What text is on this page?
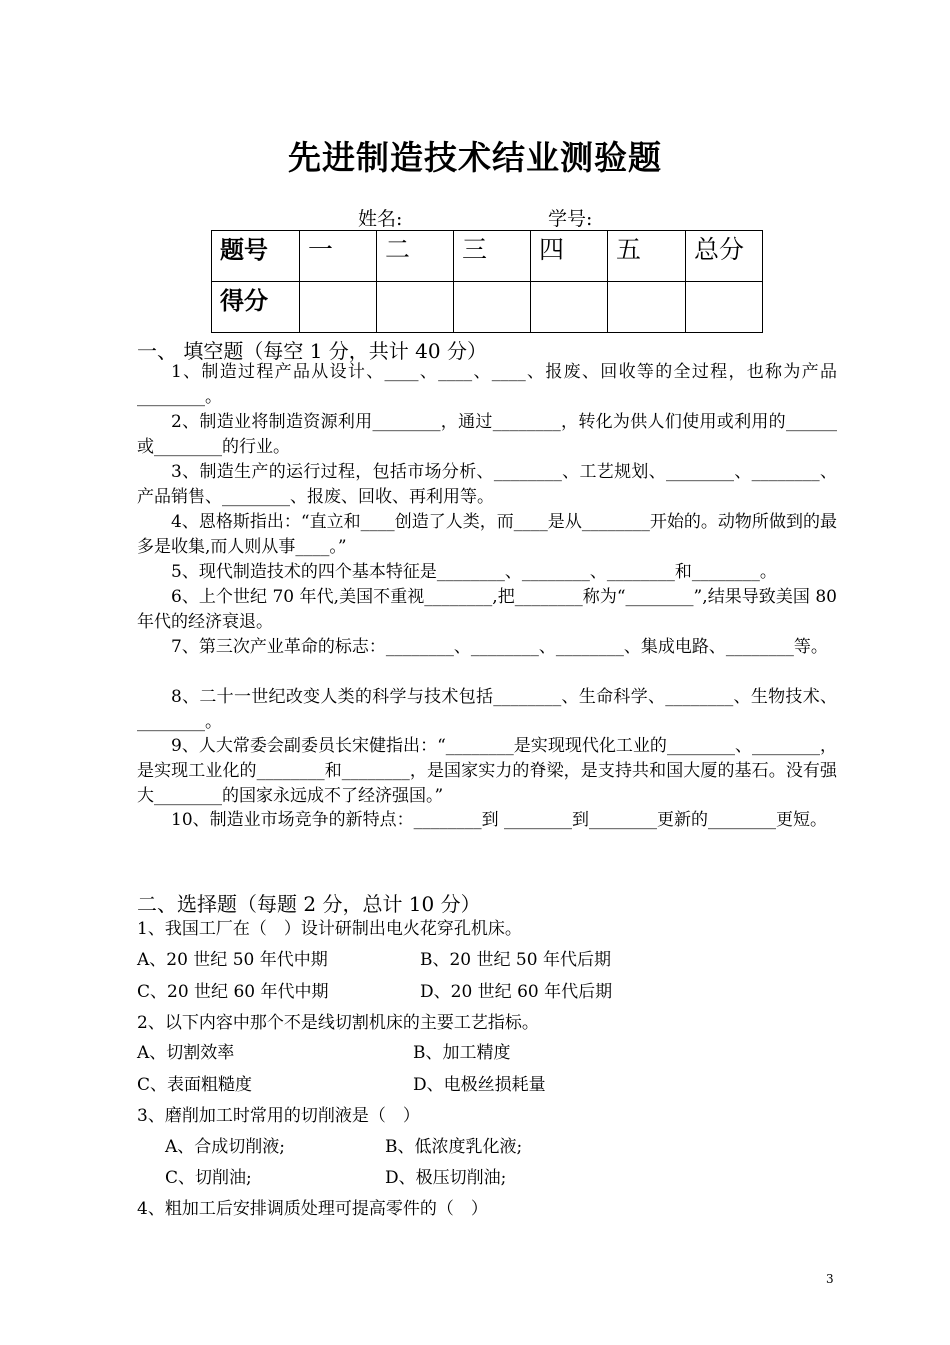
先进制造技术结业测验题
姓名:	学号:
题号	一	二	三	四	五	总分
得分						
一、 填空题（每空 1 分，共计 40 分）

1、制造过程产品从设计、____、____、____、报废、回收等的全过程，也称为产品________。

2、制造业将制造资源利用________，通过________，转化为供人们使用或利用的______或________的行业。

3、制造生产的运行过程，包括市场分析、________、工艺规划、________、________、产品销售、________、报废、回收、再利用等。

4、恩格斯指出：“直立和____创造了人类，而____是从________开始的。动物所做到的最多是收集,而人则从事____。”

5、现代制造技术的四个基本特征是________、________、________和________。

6、上个世纪 70 年代,美国不重视________,把________称为“________”,结果导致美国 80 年代的经济衰退。

7、第三次产业革命的标志：________、________、________、集成电路、________等。

8、二十一世纪改变人类的科学与技术包括________、生命科学、________、生物技术、________。

9、人大常委会副委员长宋健指出：“________是实现现代化工业的________、________，是实现工业化的________和________，是国家实力的脊梁，是支持共和国大厦的基石。没有强大________的国家永远成不了经济强国。”

10、制造业市场竞争的新特点：________到 ________到________更新的________更短。

二、选择题（每题 2 分，总计 10 分）
1、我国工厂在（　）设计研制出电火花穿孔机床。
A、20 世纪 50 年代中期	B、20 世纪 50 年代后期
C、20 世纪 60 年代中期	D、20 世纪 60 年代后期
2、以下内容中那个不是线切割机床的主要工艺指标。
A、切割效率	B、加工精度
C、表面粗糙度	D、电极丝损耗量
3、磨削加工时常用的切削液是（　）
A、合成切削液;	B、低浓度乳化液;
C、切削油;	D、极压切削油;
4、粗加工后安排调质处理可提高零件的（　）
3
